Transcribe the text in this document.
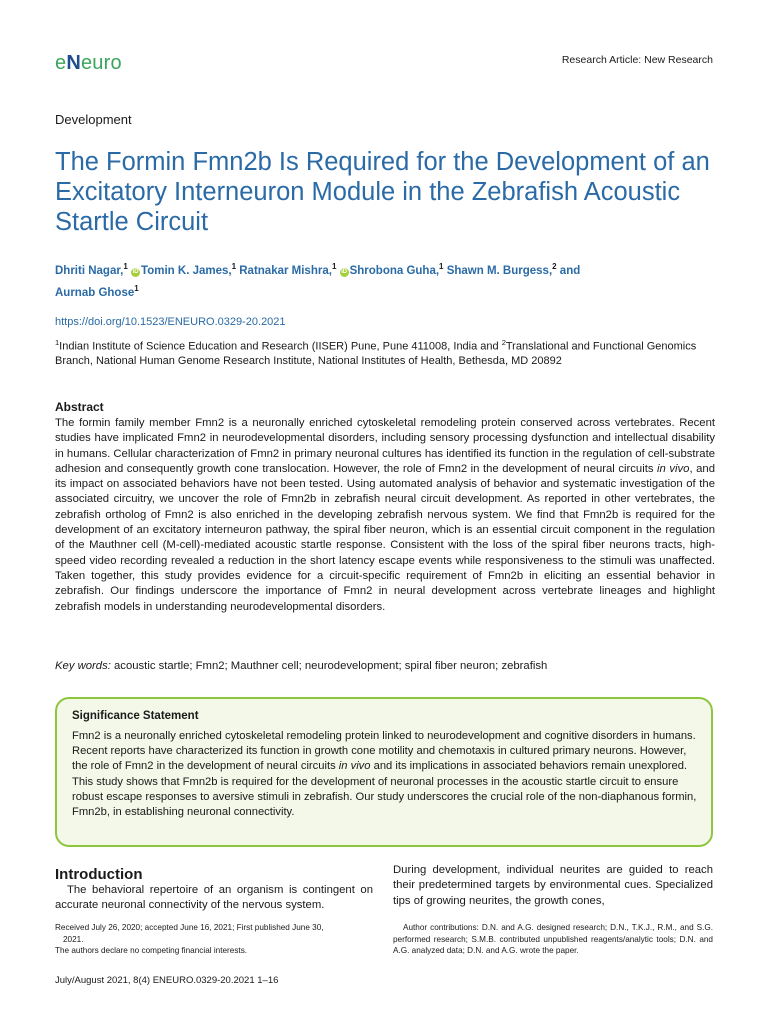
eNeuro	Research Article: New Research
Development
The Formin Fmn2b Is Required for the Development of an Excitatory Interneuron Module in the Zebrafish Acoustic Startle Circuit
Dhriti Nagar,$^1$ iD Tomin K. James,$^1$ Ratnakar Mishra,$^1$ iD Shrobona Guha,$^1$ Shawn M. Burgess,$^2$ and
Aurnab Ghose$^1$
https://doi.org/10.1523/ENEURO.0329-20.2021
$^1$Indian Institute of Science Education and Research (IISER) Pune, Pune 411008, India and $^2$Translational and Functional Genomics Branch, National Human Genome Research Institute, National Institutes of Health, Bethesda, MD 20892
Abstract
The formin family member Fmn2 is a neuronally enriched cytoskeletal remodeling protein conserved across vertebrates. Recent studies have implicated Fmn2 in neurodevelopmental disorders, including sensory processing dysfunction and intellectual disability in humans. Cellular characterization of Fmn2 in primary neuronal cultures has identified its function in the regulation of cell-substrate adhesion and consequently growth cone translocation. However, the role of Fmn2 in the development of neural circuits in vivo, and its impact on associated behaviors have not been tested. Using automated analysis of behavior and systematic investigation of the associated circuitry, we uncover the role of Fmn2b in zebrafish neural circuit development. As reported in other vertebrates, the zebrafish ortholog of Fmn2 is also enriched in the developing zebrafish nervous system. We find that Fmn2b is required for the development of an excitatory interneuron pathway, the spiral fiber neuron, which is an essential circuit component in the regulation of the Mauthner cell (M-cell)-mediated acoustic startle response. Consistent with the loss of the spiral fiber neurons tracts, high-speed video recording revealed a reduction in the short latency escape events while responsiveness to the stimuli was unaffected. Taken together, this study provides evidence for a circuit-specific requirement of Fmn2b in eliciting an essential behavior in zebrafish. Our findings underscore the importance of Fmn2 in neural development across vertebrate lineages and highlight zebrafish models in understanding neurodevelopmental disorders.
Key words: acoustic startle; Fmn2; Mauthner cell; neurodevelopment; spiral fiber neuron; zebrafish
Significance Statement
Fmn2 is a neuronally enriched cytoskeletal remodeling protein linked to neurodevelopment and cognitive disorders in humans. Recent reports have characterized its function in growth cone motility and chemotaxis in cultured primary neurons. However, the role of Fmn2 in the development of neural circuits in vivo and its implications in associated behaviors remain unexplored. This study shows that Fmn2b is required for the development of neuronal processes in the acoustic startle circuit to ensure robust escape responses to aversive stimuli in zebrafish. Our study underscores the crucial role of the non-diaphanous formin, Fmn2b, in establishing neuronal connectivity.
Introduction
The behavioral repertoire of an organism is contingent on accurate neuronal connectivity of the nervous system.
During development, individual neurites are guided to reach their predetermined targets by environmental cues. Specialized tips of growing neurites, the growth cones,
Received July 26, 2020; accepted June 16, 2021; First published June 30,
2021.
The authors declare no competing financial interests.
Author contributions: D.N. and A.G. designed research; D.N., T.K.J., R.M., and S.G. performed research; S.M.B. contributed unpublished reagents/analytic tools; D.N. and A.G. analyzed data; D.N. and A.G. wrote the paper.
July/August 2021, 8(4) ENEURO.0329-20.2021 1–16
